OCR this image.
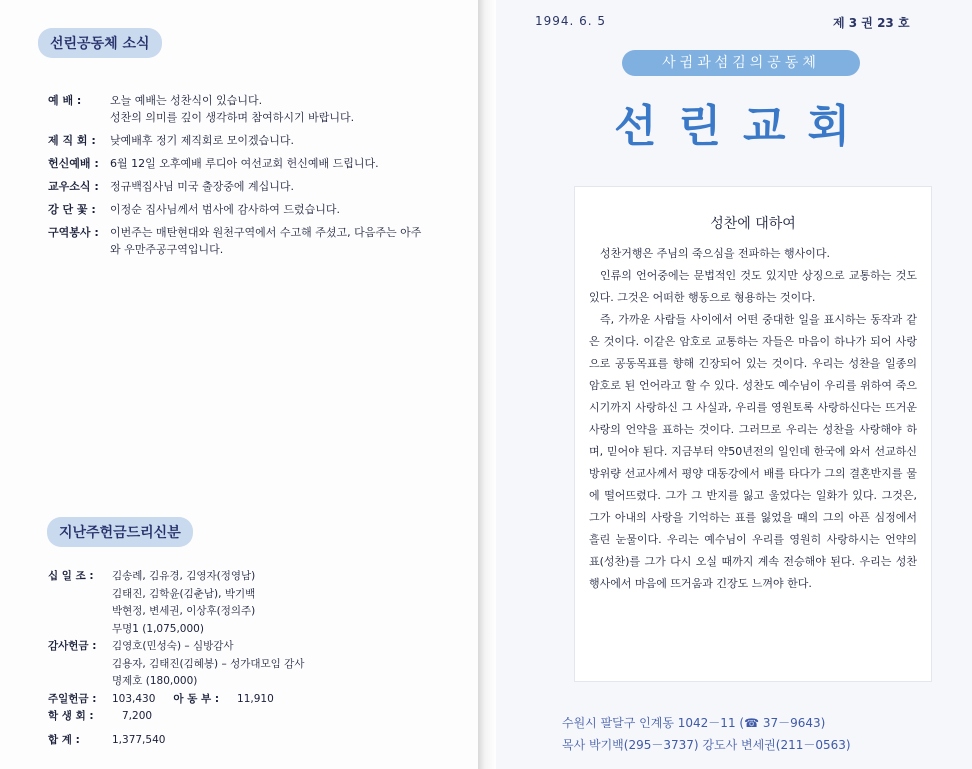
선린공동체 소식
예 배 :	오늘 예배는 성찬식이 있습니다.
성찬의 의미를 깊이 생각하며 참여하시기 바랍니다.
제 직 회 :	낮예배후 정기 제직회로 모이겠습니다.
헌신예배 :	6월 12일 오후예배 루디아 여선교회 헌신예배 드립니다.
교우소식 :	정규백집사님 미국 출장중에 계십니다.
강 단 꽃 :	이정순 집사님께서 범사에 감사하여 드렸습니다.
구역봉사 :	이번주는 매탄현대와 원천구역에서 수고해 주셨고, 다음주는 아주
와 우만주공구역입니다.
지난주헌금드리신분
십 일 조 :	김송례, 김유경, 김영자(정영남)
김태진, 김학윤(김춘남), 박기백
박현정, 변세권, 이상후(정의주)
무명1 (1,075,000)
감사헌금 :	김영호(민성숙) – 심방감사
김용자, 김태진(김혜봉) – 성가대모임 감사
명제호 (180,000)
주일헌금 :	103,430 아 동 부 : 11,910
학 생 회 :	7,200
합 계 :	1,377,540
1994. 6. 5	제 3 권 23 호
사귐과섬김의공동체
선린교회
성찬에 대하여

성찬거행은 주님의 죽으심을 전파하는 행사이다.

인류의 언어중에는 문법적인 것도 있지만 상징으로 교통하는 것도 있다. 그것은 어떠한 행동으로 형용하는 것이다.

즉, 가까운 사람들 사이에서 어떤 중대한 일을 표시하는 동작과 같은 것이다. 이같은 암호로 교통하는 자들은 마음이 하나가 되어 사랑으로 공동목표를 향해 긴장되어 있는 것이다. 우리는 성찬을 일종의 암호로 된 언어라고 할 수 있다. 성찬도 예수님이 우리를 위하여 죽으시기까지 사랑하신 그 사실과, 우리를 영원토록 사랑하신다는 뜨거운 사랑의 언약을 표하는 것이다. 그러므로 우리는 성찬을 사랑해야 하며, 믿어야 된다. 지금부터 약50년전의 일인데 한국에 와서 선교하신 방위량 선교사께서 평양 대동강에서 배를 타다가 그의 결혼반지를 물에 떨어뜨렸다. 그가 그 반지를 잃고 울었다는 일화가 있다. 그것은, 그가 아내의 사랑을 기억하는 표를 잃었을 때의 그의 아픈 심정에서 흘린 눈물이다. 우리는 예수님이 우리를 영원히 사랑하시는 언약의 표(성찬)를 그가 다시 오실 때까지 계속 전승해야 된다. 우리는 성찬행사에서 마음에 뜨거움과 긴장도 느껴야 한다.

수원시 팔달구 인계동 1042－11 (☎ 37－9643)
목사 박기백(295－3737) 강도사 변세권(211－0563)
